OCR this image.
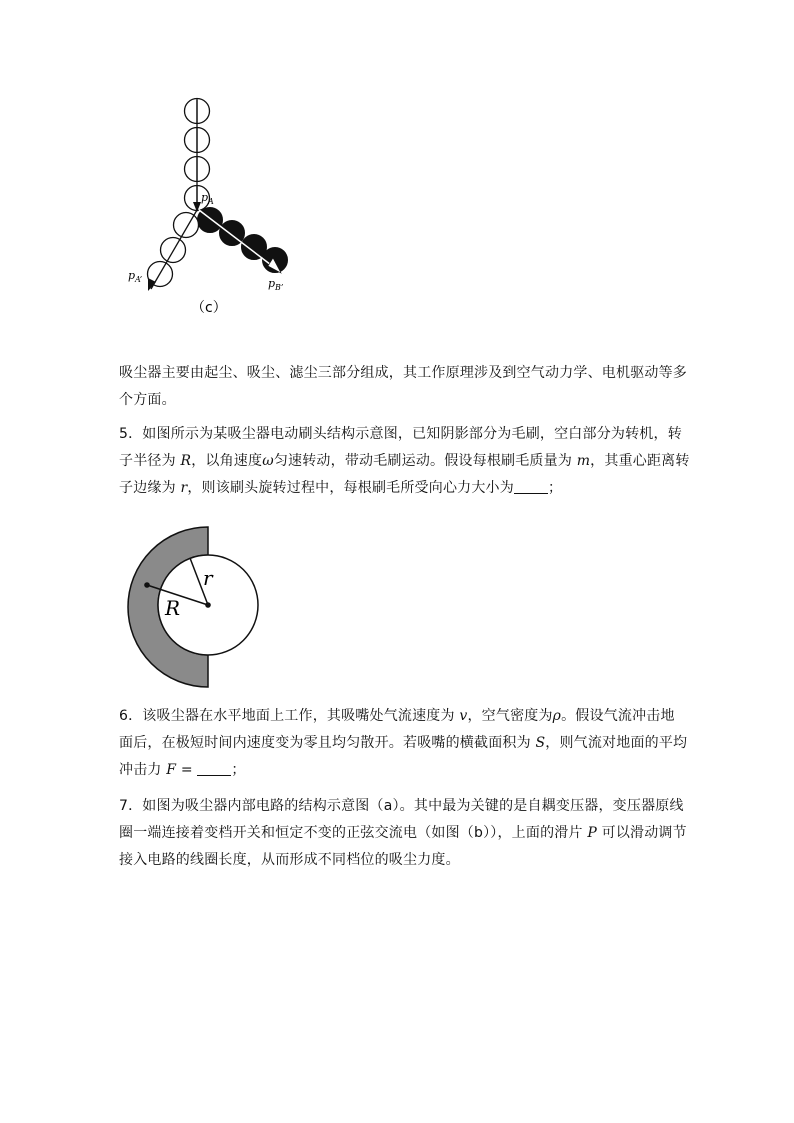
$p_A$
$p_{A’}$	$p_{B’}$
（c）

吸尘器主要由起尘、吸尘、滤尘三部分组成，其工作原理涉及到空气动力学、电机驱动等多
个方面。

5．如图所示为某吸尘器电动刷头结构示意图，已知阴影部分为毛刷，空白部分为转机，转
子半径为 R，以角速度ω匀速转动，带动毛刷运动。假设每根刷毛质量为 m，其重心距离转
子边缘为 r，则该刷头旋转过程中，每根刷毛所受向心力大小为 ；

r
R

6．该吸尘器在水平地面上工作，其吸嘴处气流速度为 v，空气密度为ρ。假设气流冲击地
面后，在极短时间内速度变为零且均匀散开。若吸嘴的横截面积为 S，则气流对地面的平均
冲击力 F = ；

7．如图为吸尘器内部电路的结构示意图（a）。其中最为关键的是自耦变压器，变压器原线
圈一端连接着变档开关和恒定不变的正弦交流电（如图（b）），上面的滑片 P 可以滑动调节
接入电路的线圈长度，从而形成不同档位的吸尘力度。
